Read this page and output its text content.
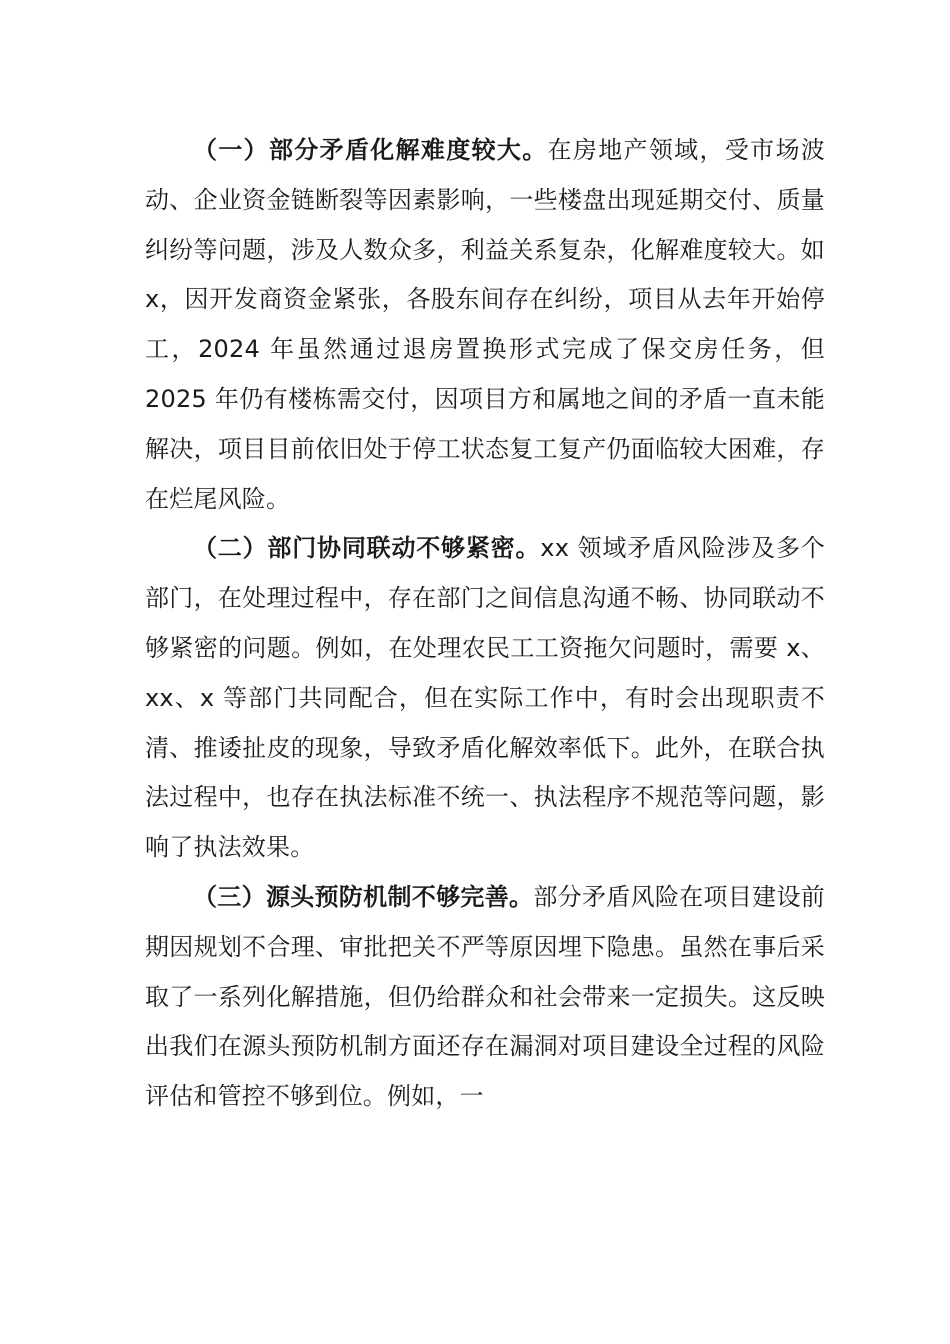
（一）部分矛盾化解难度较大。在房地产领域，受市场波动、企业资金链断裂等因素影响，一些楼盘出现延期交付、质量纠纷等问题，涉及人数众多，利益关系复杂，化解难度较大。如 x，因开发商资金紧张，各股东间存在纠纷，项目从去年开始停工，2024 年虽然通过退房置换形式完成了保交房任务，但 2025 年仍有楼栋需交付，因项目方和属地之间的矛盾一直未能解决，项目目前依旧处于停工状态复工复产仍面临较大困难，存在烂尾风险。

（二）部门协同联动不够紧密。xx 领域矛盾风险涉及多个部门，在处理过程中，存在部门之间信息沟通不畅、协同联动不够紧密的问题。例如，在处理农民工工资拖欠问题时，需要 x、xx、x 等部门共同配合，但在实际工作中，有时会出现职责不清、推诿扯皮的现象，导致矛盾化解效率低下。此外，在联合执法过程中，也存在执法标准不统一、执法程序不规范等问题，影响了执法效果。

（三）源头预防机制不够完善。部分矛盾风险在项目建设前期因规划不合理、审批把关不严等原因埋下隐患。虽然在事后采取了一系列化解措施，但仍给群众和社会带来一定损失。这反映出我们在源头预防机制方面还存在漏洞对项目建设全过程的风险评估和管控不够到位。例如，一
